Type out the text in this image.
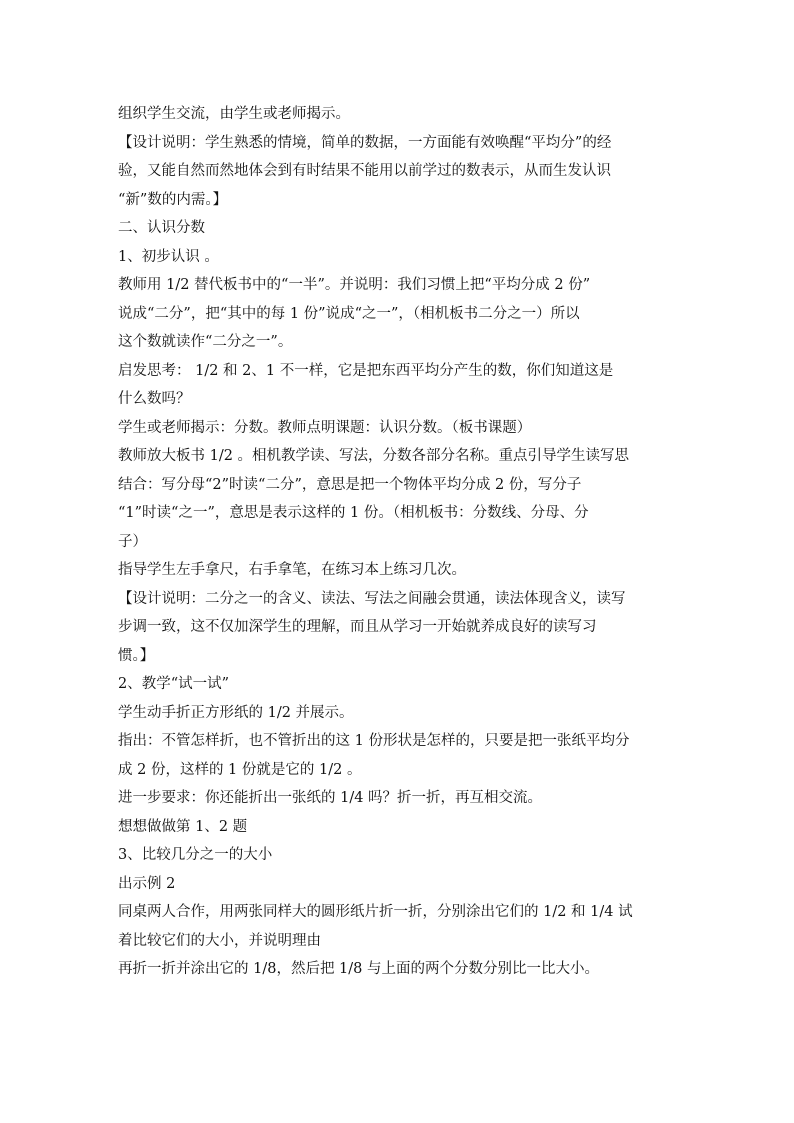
组织学生交流，由学生或老师揭示。
【设计说明：学生熟悉的情境，简单的数据，一方面能有效唤醒“平均分”的经
验，又能自然而然地体会到有时结果不能用以前学过的数表示，从而生发认识
“新”数的内需。】
二、认识分数
1、初步认识 。
教师用 1/2 替代板书中的“一半”。并说明：我们习惯上把“平均分成 2 份”
说成“二分”，把“其中的每 1 份”说成“之一”，（相机板书二分之一）所以
这个数就读作“二分之一”。
启发思考： 1/2 和 2、1 不一样，它是把东西平均分产生的数，你们知道这是
什么数吗？
学生或老师揭示：分数。教师点明课题：认识分数。（板书课题）
教师放大板书 1/2 。相机教学读、写法，分数各部分名称。重点引导学生读写思
结合：写分母“2”时读“二分”，意思是把一个物体平均分成 2 份，写分子
“1”时读“之一”，意思是表示这样的 1 份。（相机板书：分数线、分母、分
子）
指导学生左手拿尺，右手拿笔，在练习本上练习几次。
【设计说明：二分之一的含义、读法、写法之间融会贯通，读法体现含义，读写
步调一致，这不仅加深学生的理解，而且从学习一开始就养成良好的读写习
惯。】
2、教学“试一试”
学生动手折正方形纸的 1/2 并展示。
指出：不管怎样折，也不管折出的这 1 份形状是怎样的，只要是把一张纸平均分
成 2 份，这样的 1 份就是它的 1/2 。
进一步要求：你还能折出一张纸的 1/4 吗？折一折，再互相交流。
想想做做第 1、2 题
3、比较几分之一的大小
出示例 2
同桌两人合作，用两张同样大的圆形纸片折一折，分别涂出它们的 1/2 和 1/4 试
着比较它们的大小，并说明理由
再折一折并涂出它的 1/8，然后把 1/8 与上面的两个分数分别比一比大小。
